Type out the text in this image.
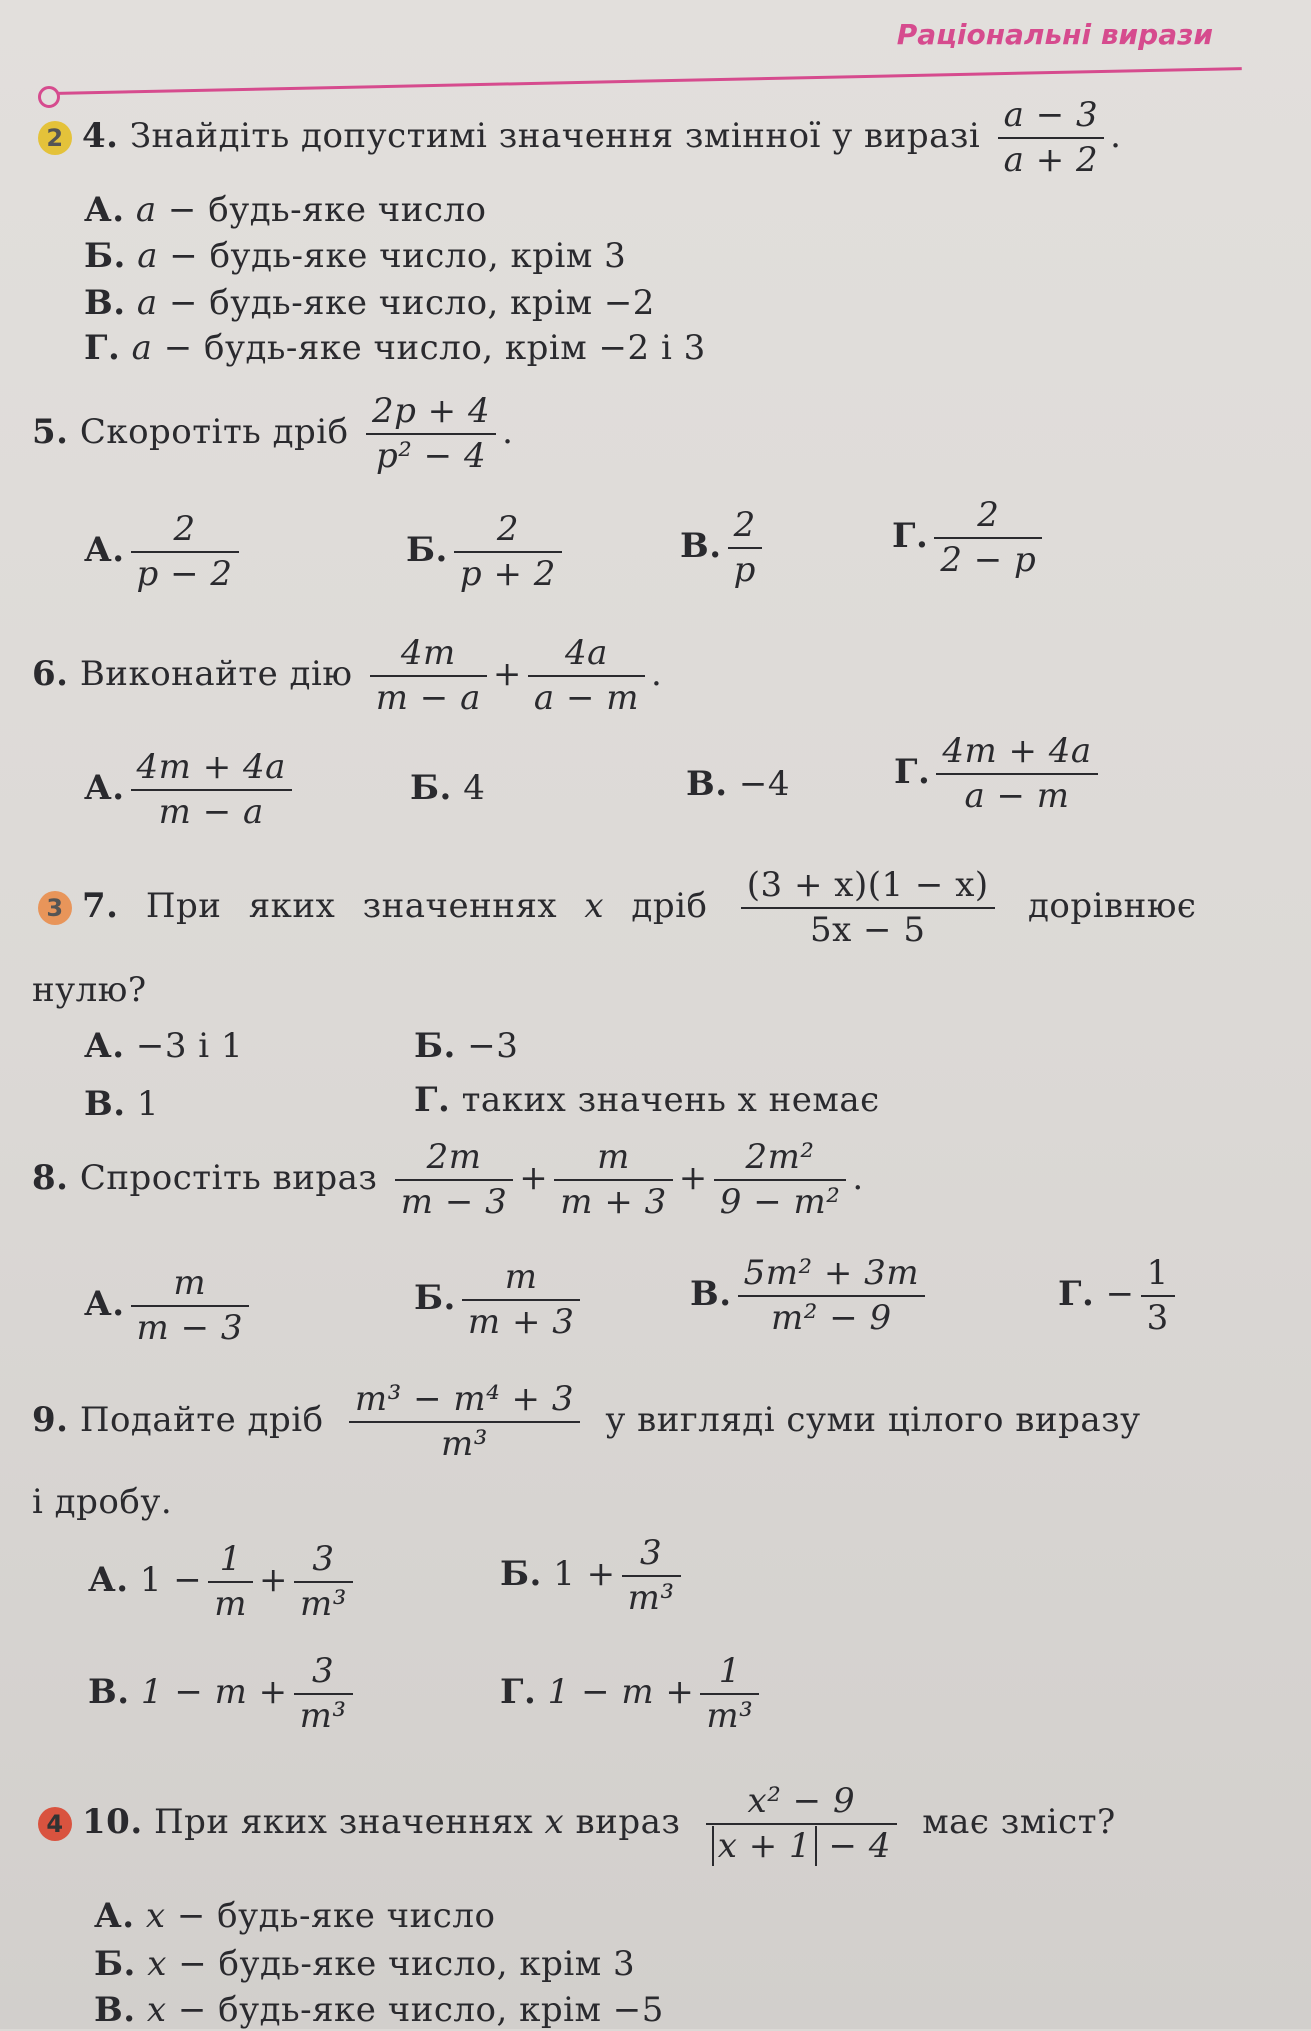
Раціональні вирази
2 4. Знайдіть допустимі значення змінної у виразі $\frac{a - 3}{a + 2}$ .
А. a − будь-яке число
Б. a − будь-яке число, крім 3
В. a − будь-яке число, крім −2
Г. a − будь-яке число, крім −2 і 3
5. Скоротіть дріб $\frac{2p + 4}{\text{p² − 4}}$ .
А. $\frac{2}{p - 2}$	Б. $\frac{2}{p + 2}$	В. $\frac{2}{p}$	Г. $\frac{2}{2 - p}$
6. Виконайте дію $\frac{4m}{m - a} + \frac{4a}{a - m}$ .
А. $\frac{4m + 4a}{m - a}$	Б. 4	В. −4	Г. $\frac{4m + 4a}{a - m}$
3 7. При яких значеннях x дріб $\frac{(3 + x)(1 - x)}{5x - 5}$ дорівнює
нулю?
А. −3 і 1	Б. −3
В. 1	Г. таких значень x немає
8. Спростіть вираз $\frac{2m}{m - 3} + \frac{m}{m + 3} + \frac{\text{2m²}}{\text{9 − m²}}$ .
А. $\frac{m}{m - 3}$	Б. $\frac{m}{m + 3}$	В. $\frac{\text{5m² + 3m}}{\text{m² − 9}}$	Г. − $\frac{1}{3}$
9. Подайте дріб $\frac{\text{m³ − m⁴ + 3}}{\text{m³}}$ у вигляді суми цілого виразу
і дробу.
А. $1 - \frac{1}{m} + \frac{3}{\text{m³}}$	Б. $1 + \frac{3}{\text{m³}}$
В. $1 - m + \frac{3}{\text{m³}}$	Г. $1 - m + \frac{1}{\text{m³}}$
4 10. При яких значеннях x вираз $\frac{\text{x² − 9}}{x + 1 - 4}$ має зміст?
А. x − будь-яке число
Б. x − будь-яке число, крім 3
В. x − будь-яке число, крім −5
